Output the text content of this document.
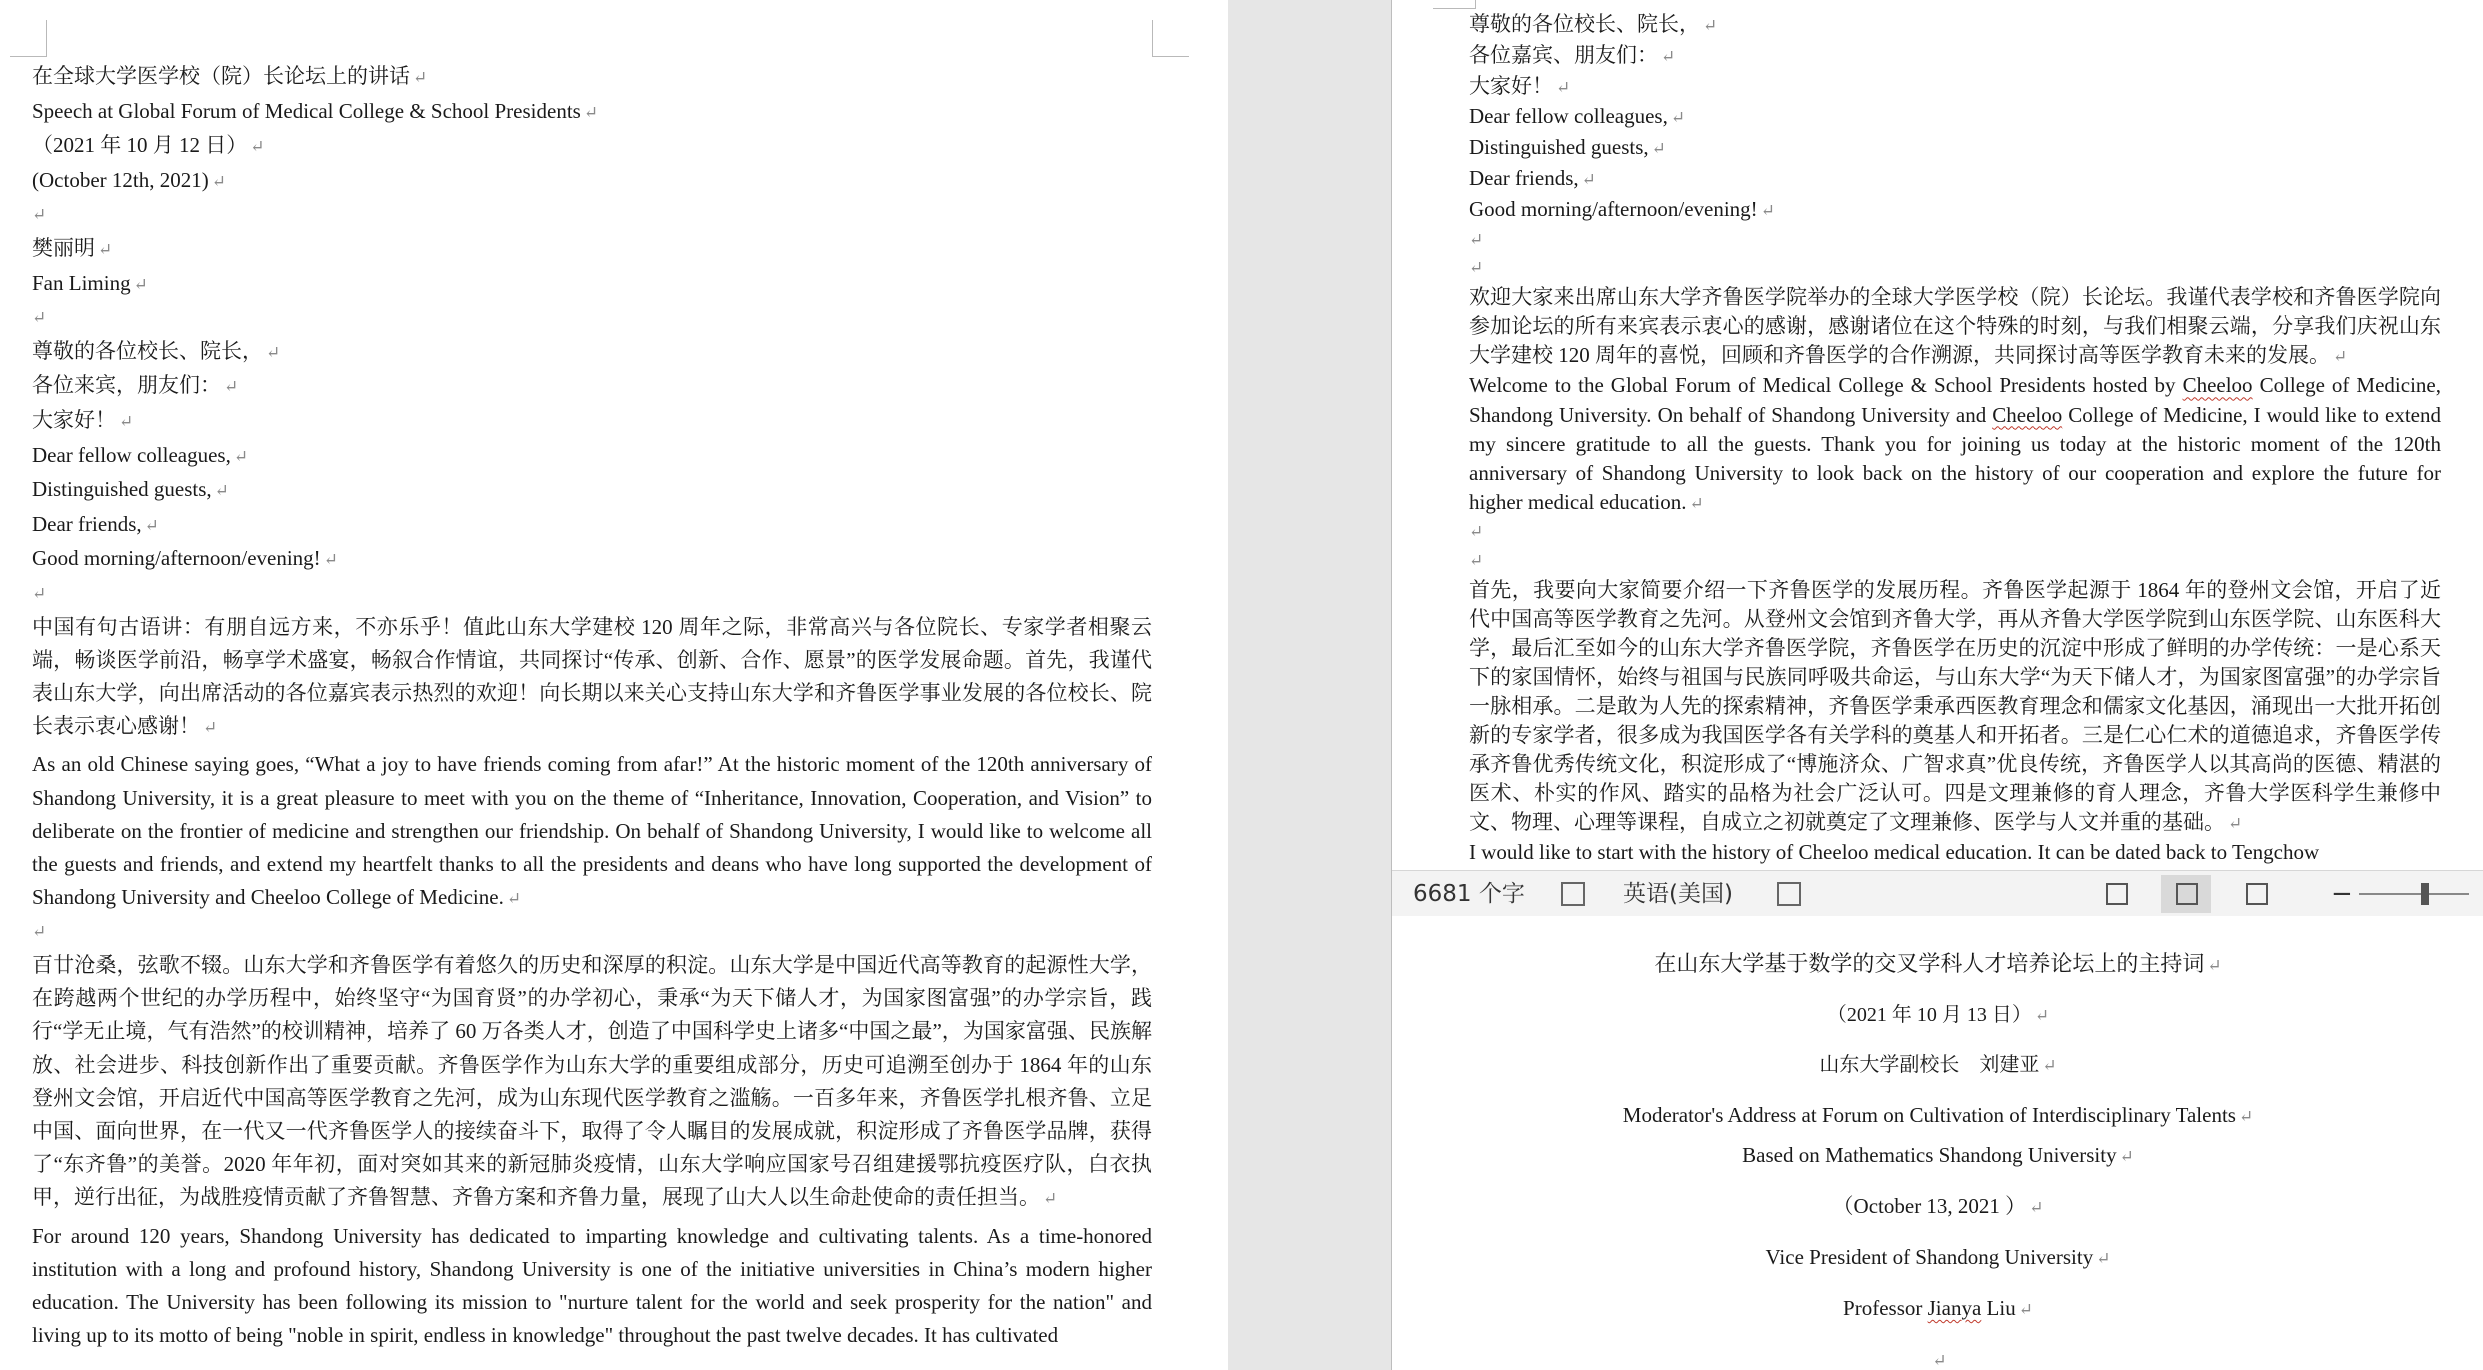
在全球大学医学校（院）长论坛上的讲话 ↵
Speech at Global Forum of Medical College & School Presidents ↵
（2021 年 10 月 12 日） ↵
(October 12th, 2021) ↵
↵
樊丽明 ↵
Fan Liming ↵
↵
尊敬的各位校长、院长， ↵
各位来宾，朋友们： ↵
大家好！ ↵
Dear fellow colleagues, ↵
Distinguished guests, ↵
Dear friends, ↵
Good morning/afternoon/evening! ↵
↵
中国有句古语讲：有朋自远方来，不亦乐乎！值此山东大学建校 120 周年之际，非常高兴与各位院长、专家学者相聚云端，畅谈医学前沿，畅享学术盛宴，畅叙合作情谊，共同探讨“传承、创新、合作、愿景”的医学发展命题。首先，我谨代表山东大学，向出席活动的各位嘉宾表示热烈的欢迎！向长期以来关心支持山东大学和齐鲁医学事业发展的各位校长、院长表示衷心感谢！ ↵
As an old Chinese saying goes, “What a joy to have friends coming from afar!” At the historic moment of the 120th anniversary of Shandong University, it is a great pleasure to meet with you on the theme of “Inheritance, Innovation, Cooperation, and Vision” to deliberate on the frontier of medicine and strengthen our friendship. On behalf of Shandong University, I would like to welcome all the guests and friends, and extend my heartfelt thanks to all the presidents and deans who have long supported the development of Shandong University and Cheeloo College of Medicine. ↵
↵
百廿沧桑，弦歌不辍。山东大学和齐鲁医学有着悠久的历史和深厚的积淀。山东大学是中国近代高等教育的起源性大学，在跨越两个世纪的办学历程中，始终坚守“为国育贤”的办学初心，秉承“为天下储人才，为国家图富强”的办学宗旨，践行“学无止境，气有浩然”的校训精神，培养了 60 万各类人才，创造了中国科学史上诸多“中国之最”，为国家富强、民族解放、社会进步、科技创新作出了重要贡献。齐鲁医学作为山东大学的重要组成部分，历史可追溯至创办于 1864 年的山东登州文会馆，开启近代中国高等医学教育之先河，成为山东现代医学教育之滥觞。一百多年来，齐鲁医学扎根齐鲁、立足中国、面向世界，在一代又一代齐鲁医学人的接续奋斗下，取得了令人瞩目的发展成就，积淀形成了齐鲁医学品牌，获得了“东齐鲁”的美誉。2020 年年初，面对突如其来的新冠肺炎疫情，山东大学响应国家号召组建援鄂抗疫医疗队，白衣执甲，逆行出征，为战胜疫情贡献了齐鲁智慧、齐鲁方案和齐鲁力量，展现了山大人以生命赴使命的责任担当。 ↵
For around 120 years, Shandong University has dedicated to imparting knowledge and cultivating talents. As a time-honored institution with a long and profound history, Shandong University is one of the initiative universities in China’s modern higher education. The University has been following its mission to "nurture talent for the world and seek prosperity for the nation" and living up to its motto of being "noble in spirit, endless in knowledge" throughout the past twelve decades. It has cultivated
尊敬的各位校长、院长， ↵
各位嘉宾、朋友们： ↵
大家好！ ↵
Dear fellow colleagues, ↵
Distinguished guests, ↵
Dear friends, ↵
Good morning/afternoon/evening! ↵
↵
↵
欢迎大家来出席山东大学齐鲁医学院举办的全球大学医学校（院）长论坛。我谨代表学校和齐鲁医学院向参加论坛的所有来宾表示衷心的感谢，感谢诸位在这个特殊的时刻，与我们相聚云端，分享我们庆祝山东大学建校 120 周年的喜悦，回顾和齐鲁医学的合作溯源，共同探讨高等医学教育未来的发展。 ↵
Welcome to the Global Forum of Medical College & School Presidents hosted by Cheeloo College of Medicine, Shandong University. On behalf of Shandong University and Cheeloo College of Medicine, I would like to extend my sincere gratitude to all the guests. Thank you for joining us today at the historic moment of the 120th anniversary of Shandong University to look back on the history of our cooperation and explore the future for higher medical education. ↵
↵
↵
首先，我要向大家简要介绍一下齐鲁医学的发展历程。齐鲁医学起源于 1864 年的登州文会馆，开启了近代中国高等医学教育之先河。从登州文会馆到齐鲁大学，再从齐鲁大学医学院到山东医学院、山东医科大学，最后汇至如今的山东大学齐鲁医学院，齐鲁医学在历史的沉淀中形成了鲜明的办学传统：一是心系天下的家国情怀，始终与祖国与民族同呼吸共命运，与山东大学“为天下储人才，为国家图富强”的办学宗旨一脉相承。二是敢为人先的探索精神，齐鲁医学秉承西医教育理念和儒家文化基因，涌现出一大批开拓创新的专家学者，很多成为我国医学各有关学科的奠基人和开拓者。三是仁心仁术的道德追求，齐鲁医学传承齐鲁优秀传统文化，积淀形成了“博施济众、广智求真”优良传统，齐鲁医学人以其高尚的医德、精湛的医术、朴实的作风、踏实的品格为社会广泛认可。四是文理兼修的育人理念，齐鲁大学医科学生兼修中文、物理、心理等课程，自成立之初就奠定了文理兼修、医学与人文并重的基础。 ↵
I would like to start with the history of Cheeloo medical education. It can be dated back to Tengchow
6681 个字	英语(美国)	−
在山东大学基于数学的交叉学科人才培养论坛上的主持词 ↵
（2021 年 10 月 13 日） ↵
山东大学副校长　刘建亚 ↵
Moderator's Address at Forum on Cultivation of Interdisciplinary Talents ↵
Based on Mathematics Shandong University ↵
（October 13, 2021 ） ↵
Vice President of Shandong University ↵
Professor Jianya Liu ↵
↵
